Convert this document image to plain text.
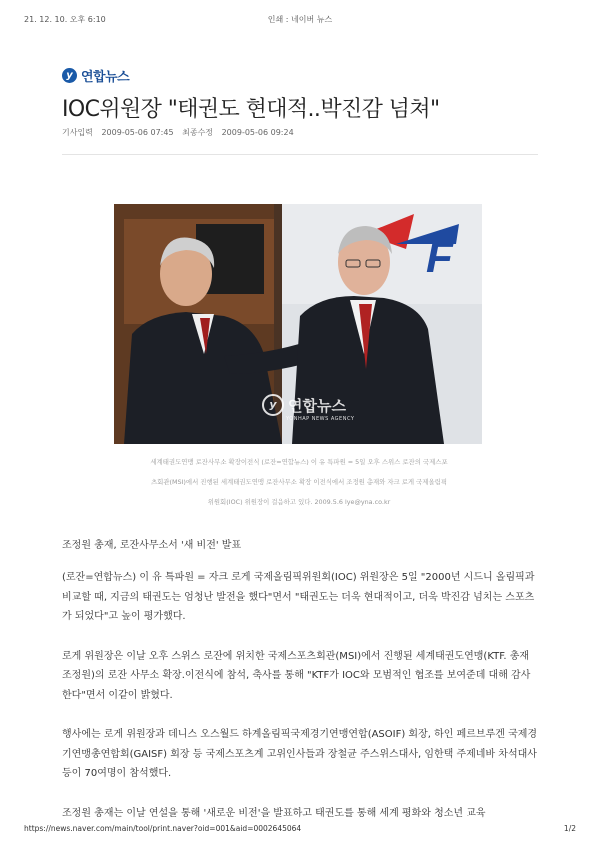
21. 12. 10. 오후 6:10	인쇄 : 네이버 뉴스
y 연합뉴스
IOC위원장 "태권도 현대적..박진감 넘쳐"
기사입력 2009-05-06 07:45 최종수정 2009-05-06 09:24
F
y 연합뉴스
YONHAP NEWS AGENCY
세계태권도연맹 로잔사무소 확장이전식 (로잔=연합뉴스) 이 유 특파원 = 5일 오후 스위스 로잔의 국제스포
츠회관(MSI)에서 진행된 세계태권도연맹 로잔사무소 확장 이전식에서 조정원 총재와 자크 로게 국제올림픽
위원회(IOC) 위원장이 걸음하고 있다. 2009.5.6 lye@yna.co.kr
조정원 총재, 로잔사무소서 '새 비전' 발표

(로잔=연합뉴스) 이 유 특파원 = 자크 로게 국제올림픽위원회(IOC) 위원장은 5일 "2000년 시드니 올림픽과 비교할 때, 지금의 태권도는 엄청난 발전을 했다"면서 "태권도는 더욱 현대적이고, 더욱 박진감 넘치는 스포츠가 되었다"고 높이 평가했다.

로게 위원장은 이날 오후 스위스 로잔에 위치한 국제스포츠회관(MSI)에서 진행된 세계태권도연맹(KTF. 총재 조정원)의 로잔 사무소 확장.이전식에 참석, 축사를 통해 "KTF가 IOC와 모범적인 협조를 보여준데 대해 감사한다"면서 이같이 밝혔다.

행사에는 로게 위원장과 데니스 오스월드 하계올림픽국제경기연맹연합(ASOIF) 회장, 하인 페르브루겐 국제경기연맹총연합회(GAISF) 회장 등 국제스포츠계 고위인사들과 장철균 주스위스대사, 임한택 주제네바 차석대사 등이 70여명이 참석했다.

조정원 총재는 이날 연설을 통해 '새로운 비전'을 발표하고 태권도를 통해 세계 평화와 청소년 교육

https://news.naver.com/main/tool/print.naver?oid=001&aid=0002645064	1/2
